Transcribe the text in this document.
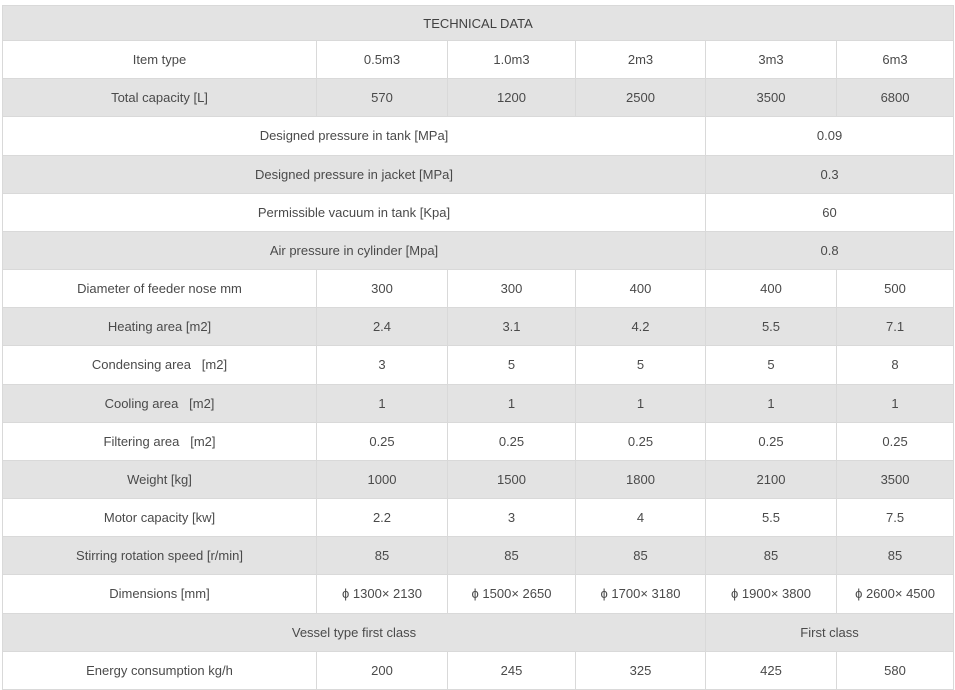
TECHNICAL DATA					
Item type	0.5m3	1.0m3	2m3	3m3	6m3
Total capacity [L]	570	1200	2500	3500	6800
Designed pressure in tank [MPa]				0.09	
Designed pressure in jacket [MPa]				0.3	
Permissible vacuum in tank [Kpa]				60	
Air pressure in cylinder [Mpa]				0.8	
Diameter of feeder nose mm	300	300	400	400	500
Heating area [m2]	2.4	3.1	4.2	5.5	7.1
Condensing area   [m2]	3	5	5	5	8
Cooling area   [m2]	1	1	1	1	1
Filtering area   [m2]	0.25	0.25	0.25	0.25	0.25
Weight [kg]	1000	1500	1800	2100	3500
Motor capacity [kw]	2.2	3	4	5.5	7.5
Stirring rotation speed [r/min]	85	85	85	85	85
Dimensions [mm]	ϕ 1300× 2130	ϕ 1500× 2650	ϕ 1700× 3180	ϕ 1900× 3800	ϕ 2600× 4500
Vessel type first class				First class	
Energy consumption kg/h	200	245	325	425	580
